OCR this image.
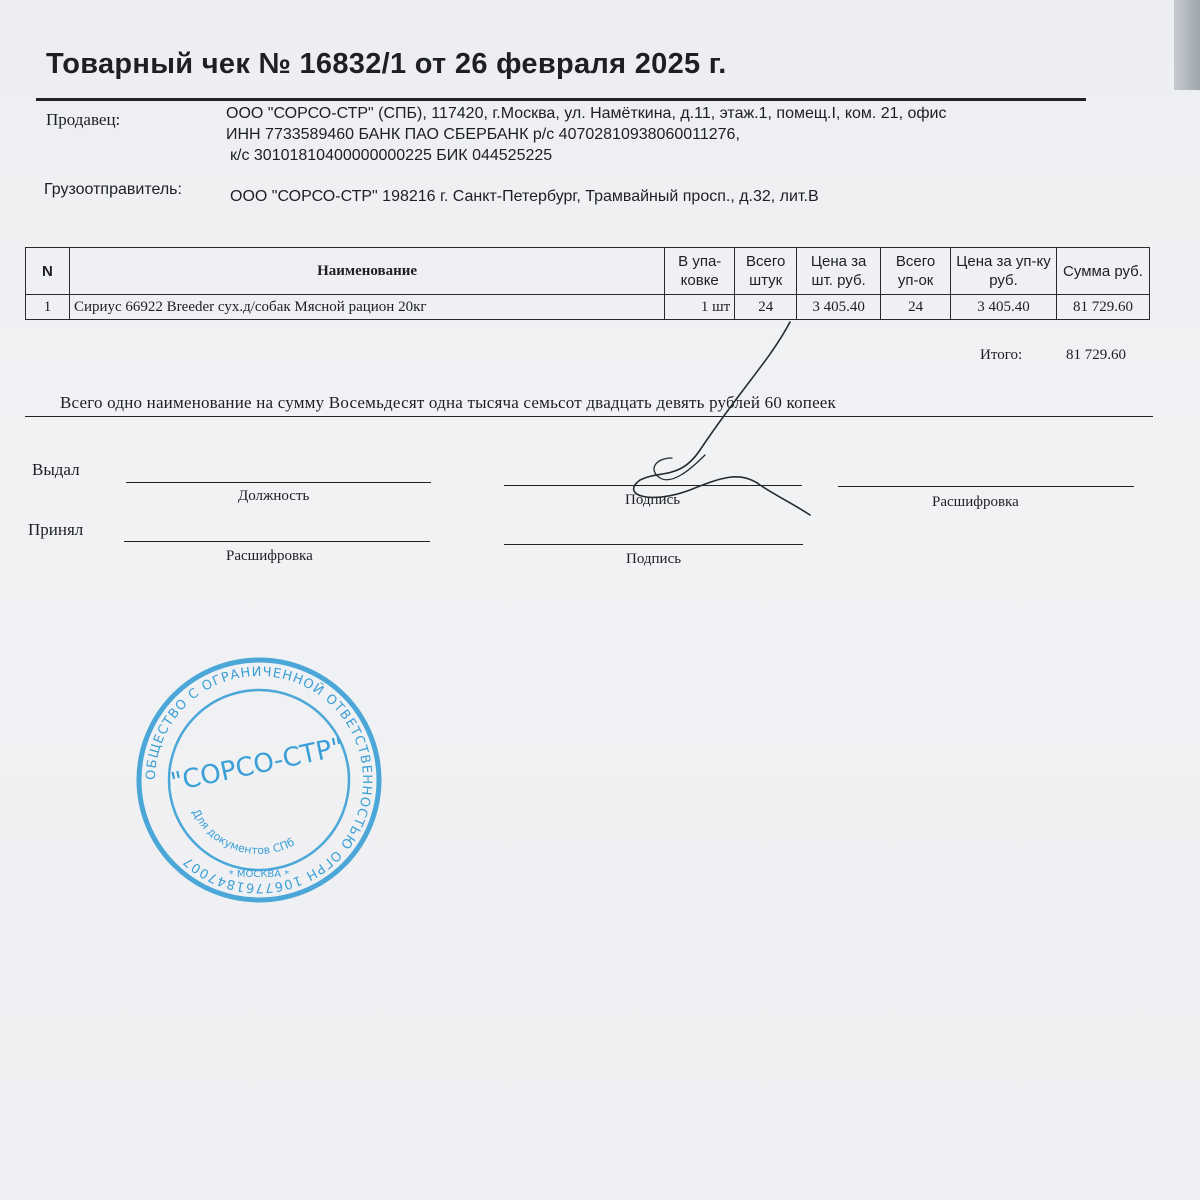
Товарный чек № 16832/1 от 26 февраля 2025 г.
Продавец:	ООО "СОРСО-СТР" (СПБ), 117420, г.Москва, ул. Намёткина, д.11, этаж.1, помещ.I, ком. 21, офис
ИНН 7733589460 БАНК ПАО СБЕРБАНК р/с 40702810938060011276,
к/с 30101810400000000225 БИК 044525225
Грузоотправитель:	ООО "СОРСО-СТР" 198216 г. Санкт-Петербург, Трамвайный просп., д.32, лит.В
N	Наименование	В упа-ковке	Всего штук	Цена за шт. руб.	Всего уп-ок	Цена за уп-ку руб.	Сумма руб.
1	Сириус 66922 Breeder сух.д/собак Мясной рацион 20кг	1 шт	24	3 405.40	24	3 405.40	81 729.60
Итого:	81 729.60
Всего одно наименование на сумму Восемьдесят одна тысяча семьсот двадцать девять рублей 60 копеек
Выдал
Должность	Подпись	Расшифровка
Принял
Расшифровка	Подпись
ОБЩЕСТВО С ОГРАНИЧЕННОЙ ОТВЕТСТВЕННОСТЬЮ ОГРН 1067761847007
Для документов СПб
"СОРСО-СТР"
* МОСКВА *
